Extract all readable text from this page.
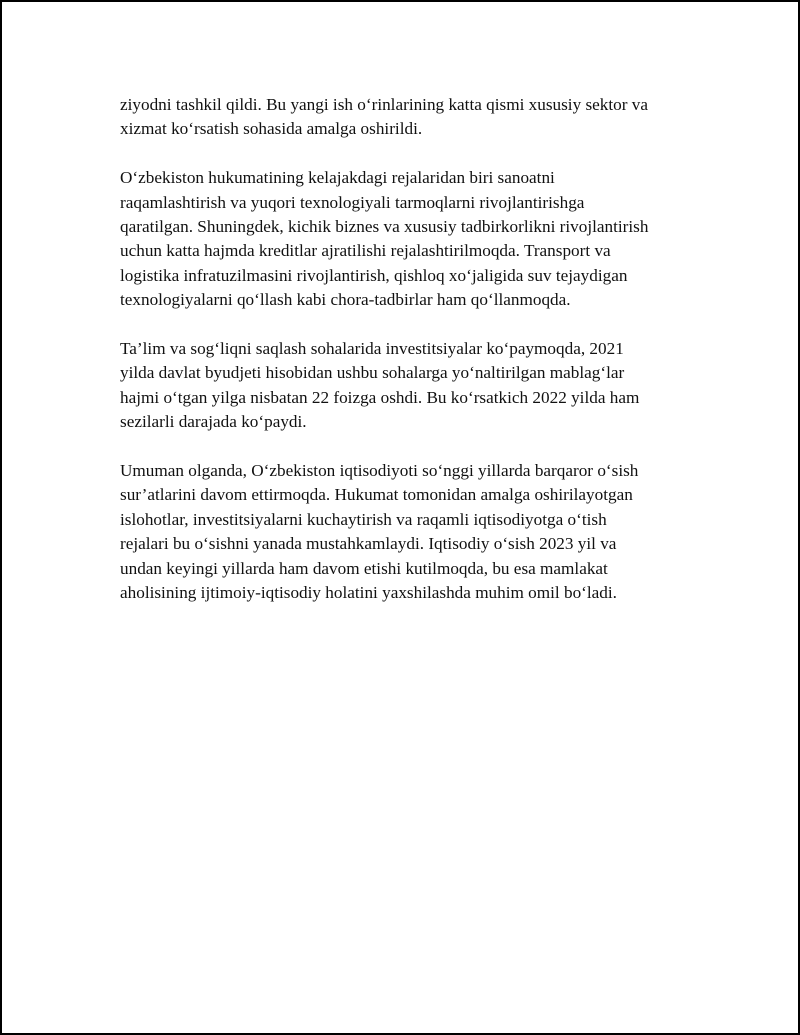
ziyodni tashkil qildi. Bu yangi ish o‘rinlarining katta qismi xususiy sektor va
xizmat ko‘rsatish sohasida amalga oshirildi.

O‘zbekiston hukumatining kelajakdagi rejalaridan biri sanoatni
raqamlashtirish va yuqori texnologiyali tarmoqlarni rivojlantirishga
qaratilgan. Shuningdek, kichik biznes va xususiy tadbirkorlikni rivojlantirish
uchun katta hajmda kreditlar ajratilishi rejalashtirilmoqda. Transport va
logistika infratuzilmasini rivojlantirish, qishloq xo‘jaligida suv tejaydigan
texnologiyalarni qo‘llash kabi chora-tadbirlar ham qo‘llanmoqda.

Ta’lim va sog‘liqni saqlash sohalarida investitsiyalar ko‘paymoqda, 2021
yilda davlat byudjeti hisobidan ushbu sohalarga yo‘naltirilgan mablag‘lar
hajmi o‘tgan yilga nisbatan 22 foizga oshdi. Bu ko‘rsatkich 2022 yilda ham
sezilarli darajada ko‘paydi.

Umuman olganda, O‘zbekiston iqtisodiyoti so‘nggi yillarda barqaror o‘sish
sur’atlarini davom ettirmoqda. Hukumat tomonidan amalga oshirilayotgan
islohotlar, investitsiyalarni kuchaytirish va raqamli iqtisodiyotga o‘tish
rejalari bu o‘sishni yanada mustahkamlaydi. Iqtisodiy o‘sish 2023 yil va
undan keyingi yillarda ham davom etishi kutilmoqda, bu esa mamlakat
aholisining ijtimoiy-iqtisodiy holatini yaxshilashda muhim omil bo‘ladi.
